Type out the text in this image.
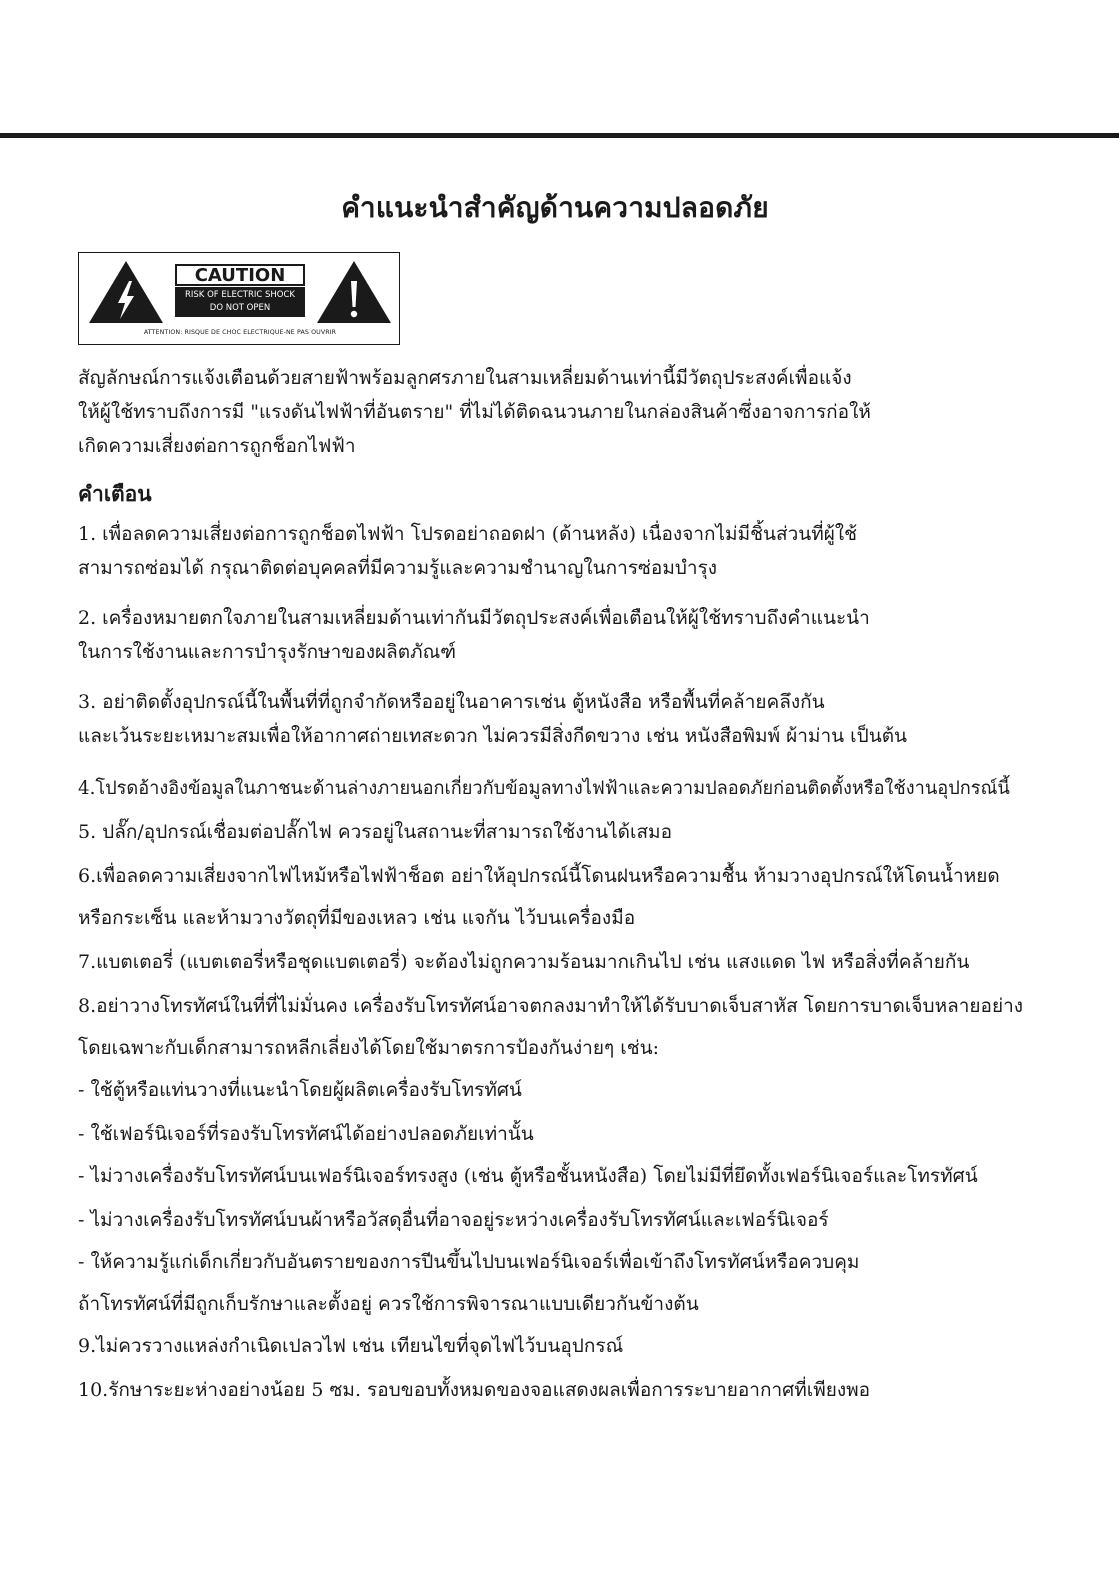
คำแนะนำสำคัญด้านความปลอดภัย
CAUTION
RISK OF ELECTRIC SHOCK
DO NOT OPEN
ATTENTION: RISQUE DE CHOC ELECTRIQUE-NE PAS OUVRIR
สัญลักษณ์การแจ้งเตือนด้วยสายฟ้าพร้อมลูกศรภายในสามเหลี่ยมด้านเท่านี้มีวัตถุประสงค์เพื่อแจ้ง
ให้ผู้ใช้ทราบถึงการมี "แรงดันไฟฟ้าที่อันตราย" ที่ไม่ได้ติดฉนวนภายในกล่องสินค้าซึ่งอาจการก่อให้
เกิดความเสี่ยงต่อการถูกช็อกไฟฟ้า
คำเตือน
1. เพื่อลดความเสี่ยงต่อการถูกช็อตไฟฟ้า โปรดอย่าถอดฝา (ด้านหลัง) เนื่องจากไม่มีชิ้นส่วนที่ผู้ใช้
สามารถซ่อมได้ กรุณาติดต่อบุคคลที่มีความรู้และความชำนาญในการซ่อมบำรุง
2. เครื่องหมายตกใจภายในสามเหลี่ยมด้านเท่ากันมีวัตถุประสงค์เพื่อเตือนให้ผู้ใช้ทราบถึงคำแนะนำ
ในการใช้งานและการบำรุงรักษาของผลิตภัณฑ์
3. อย่าติดตั้งอุปกรณ์นี้ในพื้นที่ที่ถูกจำกัดหรืออยู่ในอาคารเช่น ตู้หนังสือ หรือพื้นที่คล้ายคลึงกัน
และเว้นระยะเหมาะสมเพื่อให้อากาศถ่ายเทสะดวก ไม่ควรมีสิ่งกีดขวาง เช่น หนังสือพิมพ์ ผ้าม่าน เป็นต้น
4.โปรดอ้างอิงข้อมูลในภาชนะด้านล่างภายนอกเกี่ยวกับข้อมูลทางไฟฟ้าและความปลอดภัยก่อนติดตั้งหรือใช้งานอุปกรณ์นี้
5. ปลั๊ก/อุปกรณ์เชื่อมต่อปลั๊กไฟ ควรอยู่ในสถานะที่สามารถใช้งานได้เสมอ
6.เพื่อลดความเสี่ยงจากไฟไหม้หรือไฟฟ้าช็อต อย่าให้อุปกรณ์นี้โดนฝนหรือความชื้น ห้ามวางอุปกรณ์ให้โดนน้ำหยด
หรือกระเซ็น และห้ามวางวัตถุที่มีของเหลว เช่น แจกัน ไว้บนเครื่องมือ
7.แบตเตอรี่ (แบตเตอรี่หรือชุดแบตเตอรี่) จะต้องไม่ถูกความร้อนมากเกินไป เช่น แสงแดด ไฟ หรือสิ่งที่คล้ายกัน
8.อย่าวางโทรทัศน์ในที่ที่ไม่มั่นคง เครื่องรับโทรทัศน์อาจตกลงมาทำให้ได้รับบาดเจ็บสาหัส โดยการบาดเจ็บหลายอย่าง
โดยเฉพาะกับเด็กสามารถหลีกเลี่ยงได้โดยใช้มาตรการป้องกันง่ายๆ เช่น:
- ใช้ตู้หรือแท่นวางที่แนะนำโดยผู้ผลิตเครื่องรับโทรทัศน์
- ใช้เฟอร์นิเจอร์ที่รองรับโทรทัศน์ได้อย่างปลอดภัยเท่านั้น
- ไม่วางเครื่องรับโทรทัศน์บนเฟอร์นิเจอร์ทรงสูง (เช่น ตู้หรือชั้นหนังสือ) โดยไม่มีที่ยึดทั้งเฟอร์นิเจอร์และโทรทัศน์
- ไม่วางเครื่องรับโทรทัศน์บนผ้าหรือวัสดุอื่นที่อาจอยู่ระหว่างเครื่องรับโทรทัศน์และเฟอร์นิเจอร์
- ให้ความรู้แก่เด็กเกี่ยวกับอันตรายของการปีนขึ้นไปบนเฟอร์นิเจอร์เพื่อเข้าถึงโทรทัศน์หรือควบคุม
ถ้าโทรทัศน์ที่มีถูกเก็บรักษาและตั้งอยู่ ควรใช้การพิจารณาแบบเดียวกันข้างต้น
9.ไม่ควรวางแหล่งกำเนิดเปลวไฟ เช่น เทียนไขที่จุดไฟไว้บนอุปกรณ์
10.รักษาระยะห่างอย่างน้อย 5 ซม. รอบขอบทั้งหมดของจอแสดงผลเพื่อการระบายอากาศที่เพียงพอ
